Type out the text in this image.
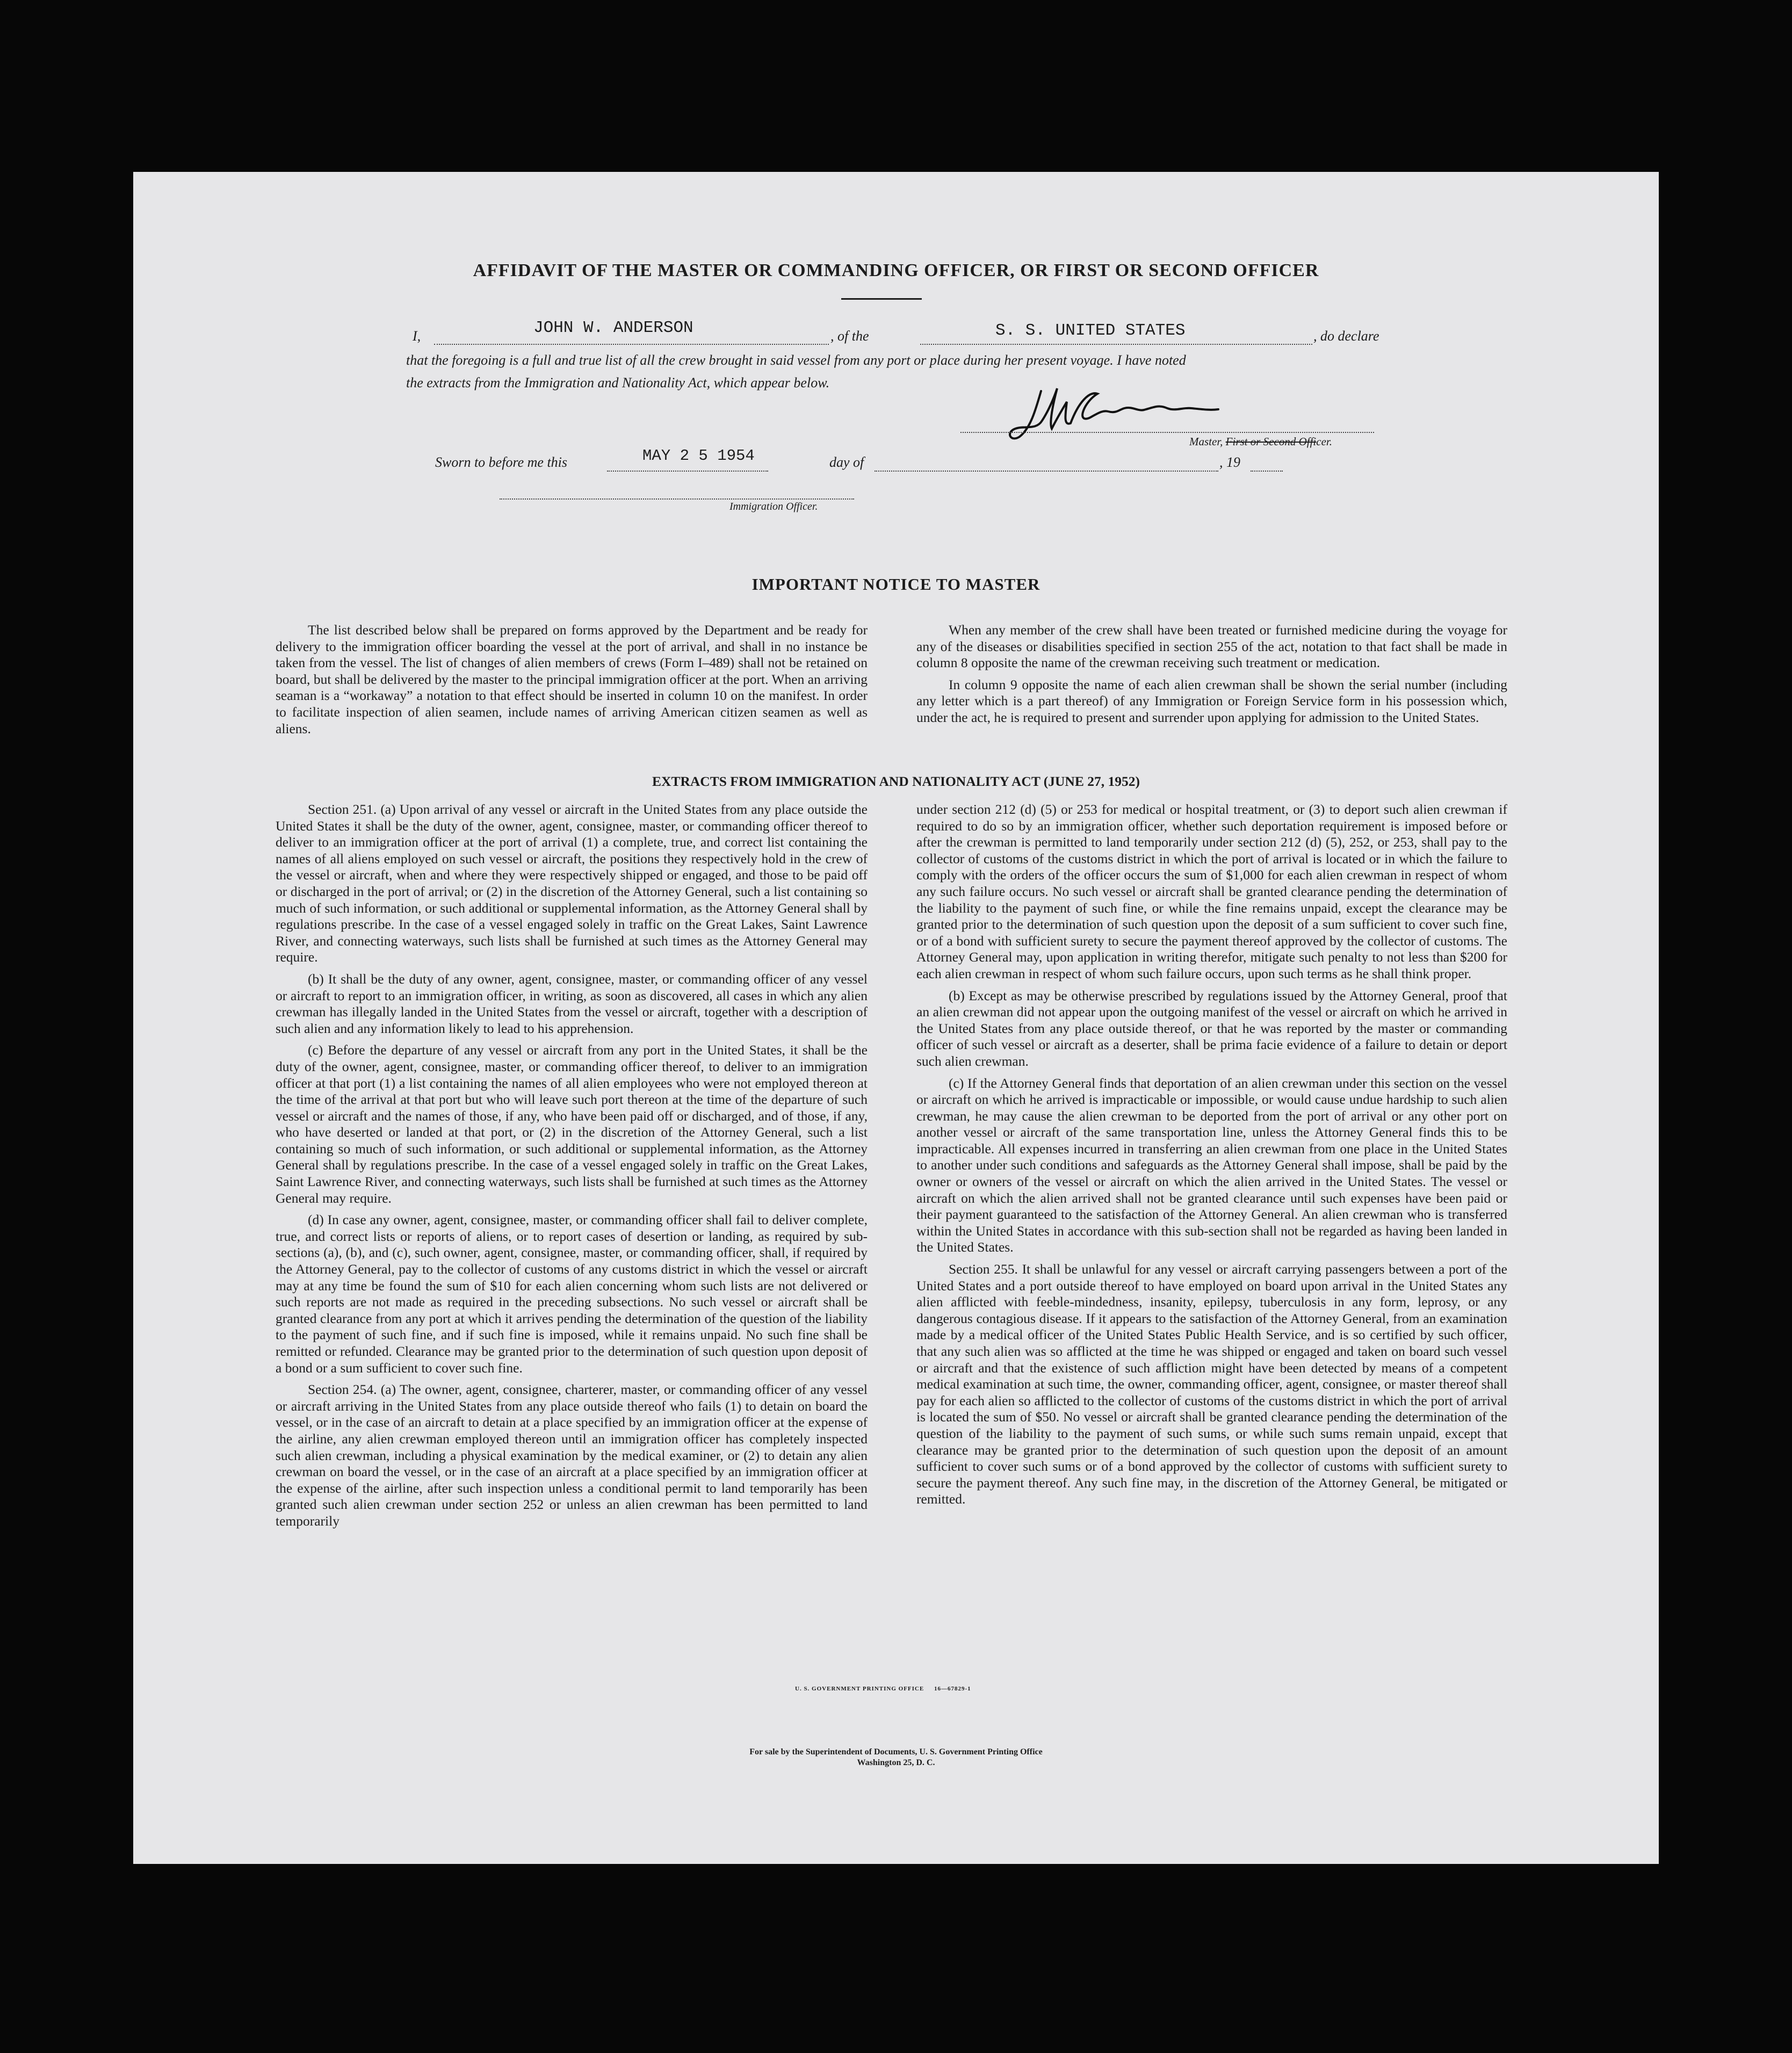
AFFIDAVIT OF THE MASTER OR COMMANDING OFFICER, OR FIRST OR SECOND OFFICER
I,	JOHN W. ANDERSON	, of the	S. S. UNITED STATES	, do declare
that the foregoing is a full and true list of all the crew brought in said vessel from any port or place during her present voyage. I have noted
the extracts from the Immigration and Nationality Act, which appear below.
Master, First or Second Officer.
Sworn to before me this	MAY 2 5 1954	day of	, 19
Immigration Officer.
IMPORTANT NOTICE TO MASTER

The list described below shall be prepared on forms approved by the Department and be ready for delivery to the immigration officer boarding the vessel at the port of arrival, and shall in no instance be taken from the vessel. The list of changes of alien members of crews (Form I–489) shall not be retained on board, but shall be delivered by the master to the principal immigration officer at the port. When an arriving seaman is a “workaway” a notation to that effect should be inserted in column 10 on the manifest. In order to facilitate inspection of alien seamen, include names of arriving American citizen seamen as well as aliens.

When any member of the crew shall have been treated or furnished medicine during the voyage for any of the diseases or disabilities specified in section 255 of the act, notation to that fact shall be made in column 8 opposite the name of the crewman receiving such treatment or medication.

In column 9 opposite the name of each alien crewman shall be shown the serial number (including any letter which is a part thereof) of any Immigration or Foreign Service form in his possession which, under the act, he is required to present and surrender upon applying for admission to the United States.

EXTRACTS FROM IMMIGRATION AND NATIONALITY ACT (JUNE 27, 1952)

Section 251. (a) Upon arrival of any vessel or aircraft in the United States from any place outside the United States it shall be the duty of the owner, agent, consignee, master, or commanding officer thereof to deliver to an immigration officer at the port of arrival (1) a complete, true, and correct list containing the names of all aliens employed on such vessel or aircraft, the positions they respectively hold in the crew of the vessel or aircraft, when and where they were respectively shipped or engaged, and those to be paid off or discharged in the port of arrival; or (2) in the discretion of the Attorney General, such a list containing so much of such information, or such additional or supplemental information, as the Attorney General shall by regulations prescribe. In the case of a vessel engaged solely in traffic on the Great Lakes, Saint Lawrence River, and connecting waterways, such lists shall be furnished at such times as the Attorney General may require.

(b) It shall be the duty of any owner, agent, consignee, master, or commanding officer of any vessel or aircraft to report to an immigration officer, in writing, as soon as discovered, all cases in which any alien crewman has illegally landed in the United States from the vessel or aircraft, together with a description of such alien and any information likely to lead to his apprehension.

(c) Before the departure of any vessel or aircraft from any port in the United States, it shall be the duty of the owner, agent, consignee, master, or commanding officer thereof, to deliver to an immigration officer at that port (1) a list containing the names of all alien employees who were not employed thereon at the time of the arrival at that port but who will leave such port thereon at the time of the departure of such vessel or aircraft and the names of those, if any, who have been paid off or discharged, and of those, if any, who have deserted or landed at that port, or (2) in the discretion of the Attorney General, such a list containing so much of such information, or such additional or supplemental information, as the Attorney General shall by regulations prescribe. In the case of a vessel engaged solely in traffic on the Great Lakes, Saint Lawrence River, and connecting waterways, such lists shall be furnished at such times as the Attorney General may require.

(d) In case any owner, agent, consignee, master, or commanding officer shall fail to deliver complete, true, and correct lists or reports of aliens, or to report cases of desertion or landing, as required by sub-sections (a), (b), and (c), such owner, agent, consignee, master, or commanding officer, shall, if required by the Attorney General, pay to the collector of customs of any customs district in which the vessel or aircraft may at any time be found the sum of $10 for each alien concerning whom such lists are not delivered or such reports are not made as required in the preceding subsections. No such vessel or aircraft shall be granted clearance from any port at which it arrives pending the determination of the question of the liability to the payment of such fine, and if such fine is imposed, while it remains unpaid. No such fine shall be remitted or refunded. Clearance may be granted prior to the determination of such question upon deposit of a bond or a sum sufficient to cover such fine.

Section 254. (a) The owner, agent, consignee, charterer, master, or commanding officer of any vessel or aircraft arriving in the United States from any place outside thereof who fails (1) to detain on board the vessel, or in the case of an aircraft to detain at a place specified by an immigration officer at the expense of the airline, any alien crewman employed thereon until an immigration officer has completely inspected such alien crewman, including a physical examination by the medical examiner, or (2) to detain any alien crewman on board the vessel, or in the case of an aircraft at a place specified by an immigration officer at the expense of the airline, after such inspection unless a conditional permit to land temporarily has been granted such alien crewman under section 252 or unless an alien crewman has been permitted to land temporarily

under section 212 (d) (5) or 253 for medical or hospital treatment, or (3) to deport such alien crewman if required to do so by an immigration officer, whether such deportation requirement is imposed before or after the crewman is permitted to land temporarily under section 212 (d) (5), 252, or 253, shall pay to the collector of customs of the customs district in which the port of arrival is located or in which the failure to comply with the orders of the officer occurs the sum of $1,000 for each alien crewman in respect of whom any such failure occurs. No such vessel or aircraft shall be granted clearance pending the determination of the liability to the payment of such fine, or while the fine remains unpaid, except the clearance may be granted prior to the determination of such question upon the deposit of a sum sufficient to cover such fine, or of a bond with sufficient surety to secure the payment thereof approved by the collector of customs. The Attorney General may, upon application in writing therefor, mitigate such penalty to not less than $200 for each alien crewman in respect of whom such failure occurs, upon such terms as he shall think proper.

(b) Except as may be otherwise prescribed by regulations issued by the Attorney General, proof that an alien crewman did not appear upon the outgoing manifest of the vessel or aircraft on which he arrived in the United States from any place outside thereof, or that he was reported by the master or commanding officer of such vessel or aircraft as a deserter, shall be prima facie evidence of a failure to detain or deport such alien crewman.

(c) If the Attorney General finds that deportation of an alien crewman under this section on the vessel or aircraft on which he arrived is impracticable or impossible, or would cause undue hardship to such alien crewman, he may cause the alien crewman to be deported from the port of arrival or any other port on another vessel or aircraft of the same transportation line, unless the Attorney General finds this to be impracticable. All expenses incurred in transferring an alien crewman from one place in the United States to another under such conditions and safeguards as the Attorney General shall impose, shall be paid by the owner or owners of the vessel or aircraft on which the alien arrived in the United States. The vessel or aircraft on which the alien arrived shall not be granted clearance until such expenses have been paid or their payment guaranteed to the satisfaction of the Attorney General. An alien crewman who is transferred within the United States in accordance with this sub-section shall not be regarded as having been landed in the United States.

Section 255. It shall be unlawful for any vessel or aircraft carrying passengers between a port of the United States and a port outside thereof to have employed on board upon arrival in the United States any alien afflicted with feeble-mindedness, insanity, epilepsy, tuberculosis in any form, leprosy, or any dangerous contagious disease. If it appears to the satisfaction of the Attorney General, from an examination made by a medical officer of the United States Public Health Service, and is so certified by such officer, that any such alien was so afflicted at the time he was shipped or engaged and taken on board such vessel or aircraft and that the existence of such affliction might have been detected by means of a competent medical examination at such time, the owner, commanding officer, agent, consignee, or master thereof shall pay for each alien so afflicted to the collector of customs of the customs district in which the port of arrival is located the sum of $50. No vessel or aircraft shall be granted clearance pending the determination of the question of the liability to the payment of such sums, or while such sums remain unpaid, except that clearance may be granted prior to the determination of such question upon the deposit of an amount sufficient to cover such sums or of a bond approved by the collector of customs with sufficient surety to secure the payment thereof. Any such fine may, in the discretion of the Attorney General, be mitigated or remitted.

U. S. GOVERNMENT PRINTING OFFICE     16—67829-1
For sale by the Superintendent of Documents, U. S. Government Printing Office
Washington 25, D. C.
